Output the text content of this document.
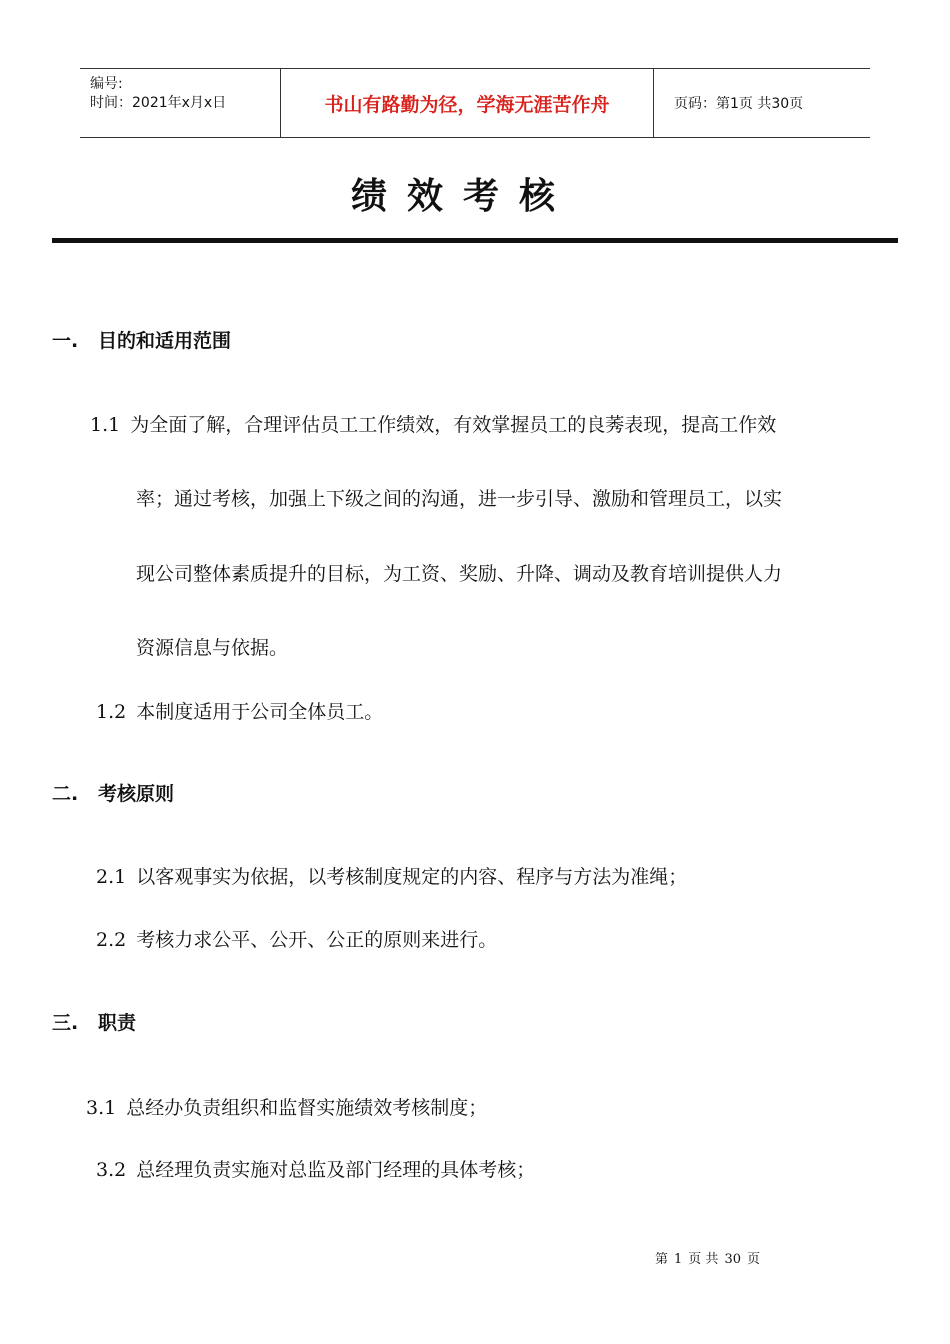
编号:
时间：2021年x月x日	书山有路勤为径，学海无涯苦作舟	页码：第1页 共30页
绩效考核
一. 目的和适用范围
1.1 为全面了解，合理评估员工工作绩效，有效掌握员工的良莠表现，提高工作效
率；通过考核，加强上下级之间的沟通，进一步引导、激励和管理员工，以实
现公司整体素质提升的目标，为工资、奖励、升降、调动及教育培训提供人力
资源信息与依据。
1.2 本制度适用于公司全体员工。
二. 考核原则
2.1 以客观事实为依据，以考核制度规定的内容、程序与方法为准绳；
2.2 考核力求公平、公开、公正的原则来进行。
三. 职责
3.1 总经办负责组织和监督实施绩效考核制度；
3.2 总经理负责实施对总监及部门经理的具体考核；
第 1 页 共 30 页
